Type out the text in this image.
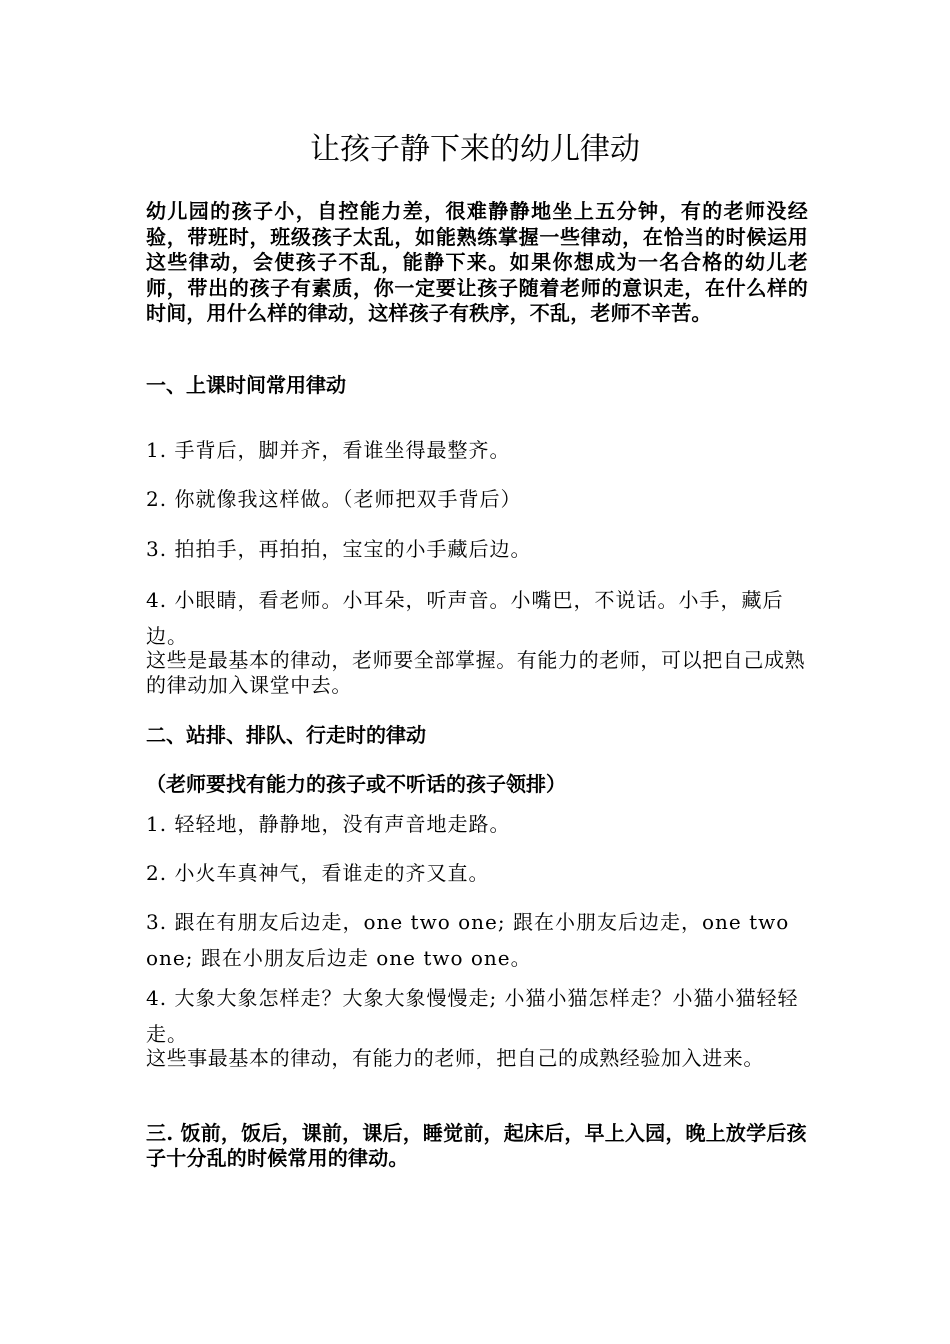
让孩子静下来的幼儿律动

幼儿园的孩子小，自控能力差，很难静静地坐上五分钟，有的老师没经验，带班时，班级孩子太乱，如能熟练掌握一些律动，在恰当的时候运用这些律动，会使孩子不乱，能静下来。如果你想成为一名合格的幼儿老师，带出的孩子有素质，你一定要让孩子随着老师的意识走，在什么样的时间，用什么样的律动，这样孩子有秩序，不乱，老师不辛苦。

一、上课时间常用律动

1. 手背后，脚并齐，看谁坐得最整齐。

2. 你就像我这样做。（老师把双手背后）

3. 拍拍手，再拍拍，宝宝的小手藏后边。

4. 小眼睛，看老师。小耳朵，听声音。小嘴巴，不说话。小手，藏后边。

这些是最基本的律动，老师要全部掌握。有能力的老师，可以把自己成熟的律动加入课堂中去。

二、站排、排队、行走时的律动

（老师要找有能力的孩子或不听话的孩子领排）

1. 轻轻地，静静地，没有声音地走路。

2. 小火车真神气，看谁走的齐又直。

3. 跟在有朋友后边走，one two one; 跟在小朋友后边走，one two one; 跟在小朋友后边走 one two one。

4. 大象大象怎样走？大象大象慢慢走; 小猫小猫怎样走？小猫小猫轻轻走。

这些事最基本的律动，有能力的老师，把自己的成熟经验加入进来。

三. 饭前，饭后，课前，课后，睡觉前，起床后，早上入园，晚上放学后孩子十分乱的时候常用的律动。
